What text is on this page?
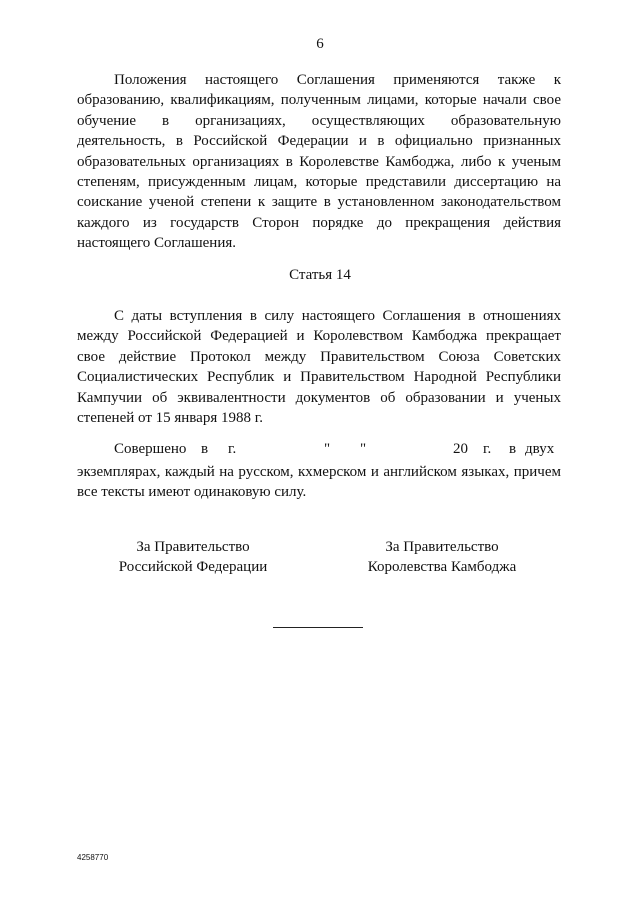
6

Положения настоящего Соглашения применяются также к образованию, квалификациям, полученным лицами, которые начали свое обучение в организациях, осуществляющих образовательную деятельность, в Российской Федерации и в официально признанных образовательных организациях в Королевстве Камбоджа, либо к ученым степеням, присужденным лицам, которые представили диссертацию на соискание ученой степени к защите в установленном законодательством каждого из государств Сторон порядке до прекращения действия настоящего Соглашения.

Статья 14

С даты вступления в силу настоящего Соглашения в отношениях между Российской Федерацией и Королевством Камбоджа прекращает свое действие Протокол между Правительством Союза Советских Социалистических Республик и Правительством Народной Республики Кампучии об эквивалентности документов об образовании и ученых степеней от 15 января 1988 г.

Совершено в г.	" "	20 г. в двух

экземплярах, каждый на русском, кхмерском и английском языках, причем все тексты имеют одинаковую силу.

За Правительство
Российской Федерации
За Правительство
Королевства Камбоджа
4258770
